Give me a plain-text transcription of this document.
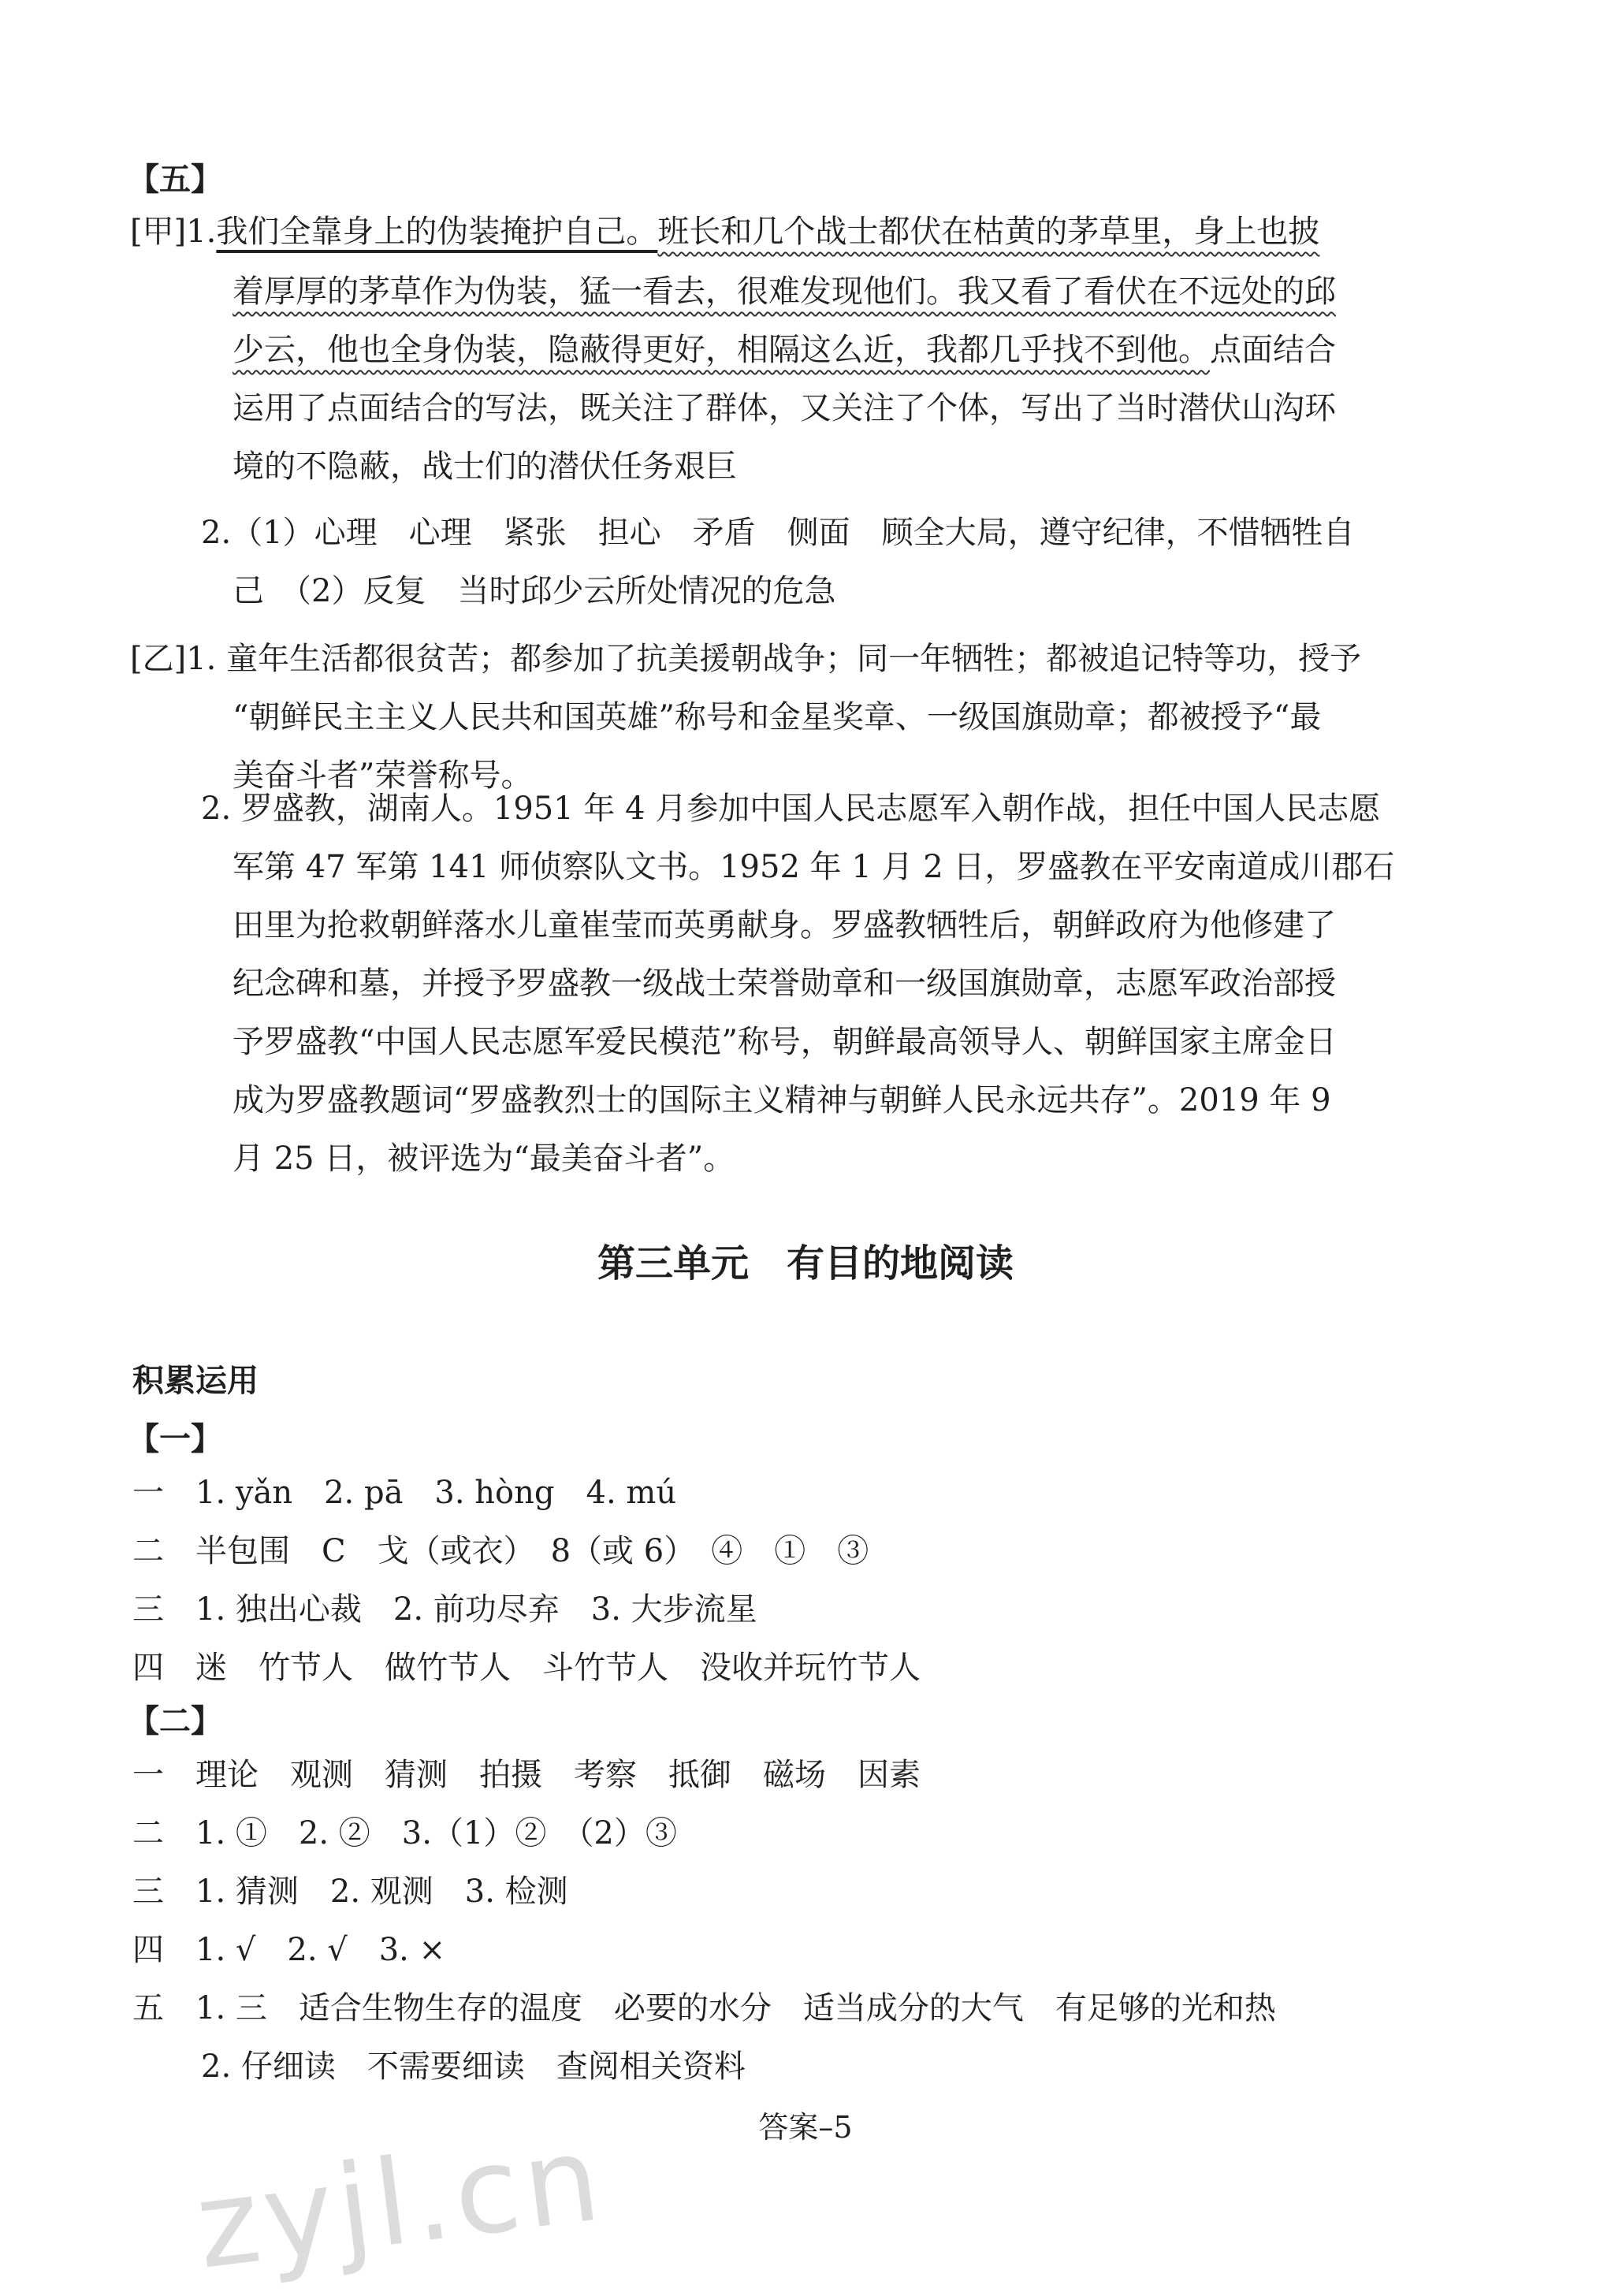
【五】
[甲]1.我们全靠身上的伪装掩护自己。班长和几个战士都伏在枯黄的茅草里，身上也披
着厚厚的茅草作为伪装，猛一看去，很难发现他们。我又看了看伏在不远处的邱
少云，他也全身伪装，隐蔽得更好，相隔这么近，我都几乎找不到他。点面结合
运用了点面结合的写法，既关注了群体，又关注了个体，写出了当时潜伏山沟环
境的不隐蔽，战士们的潜伏任务艰巨
2.（1）心理　心理　紧张　担心　矛盾　侧面　顾全大局，遵守纪律，不惜牺牲自
己　（2）反复　当时邱少云所处情况的危急
[乙]1. 童年生活都很贫苦；都参加了抗美援朝战争；同一年牺牲；都被追记特等功，授予
“朝鲜民主主义人民共和国英雄”称号和金星奖章、一级国旗勋章；都被授予“最
美奋斗者”荣誉称号。
2. 罗盛教，湖南人。1951 年 4 月参加中国人民志愿军入朝作战，担任中国人民志愿
军第 47 军第 141 师侦察队文书。1952 年 1 月 2 日，罗盛教在平安南道成川郡石
田里为抢救朝鲜落水儿童崔莹而英勇献身。罗盛教牺牲后，朝鲜政府为他修建了
纪念碑和墓，并授予罗盛教一级战士荣誉勋章和一级国旗勋章，志愿军政治部授
予罗盛教“中国人民志愿军爱民模范”称号，朝鲜最高领导人、朝鲜国家主席金日
成为罗盛教题词“罗盛教烈士的国际主义精神与朝鲜人民永远共存”。2019 年 9
月 25 日，被评选为“最美奋斗者”。
第三单元　有目的地阅读
积累运用
【一】
一　1. yǎn　2. pā　3. hòng　4. mú
二　半包围　C　戈（或衣）　8（或 6）　④　①　③
三　1. 独出心裁　2. 前功尽弃　3. 大步流星
四　迷　竹节人　做竹节人　斗竹节人　没收并玩竹节人
【二】
一　理论　观测　猜测　拍摄　考察　抵御　磁场　因素
二　1. ①　2. ②　3.（1）②　（2）③
三　1. 猜测　2. 观测　3. 检测
四　1. √　2. √　3. ×
五　1. 三　适合生物生存的温度　必要的水分　适当成分的大气　有足够的光和热
2. 仔细读　不需要细读　查阅相关资料
答案–5
zyjl.cn
